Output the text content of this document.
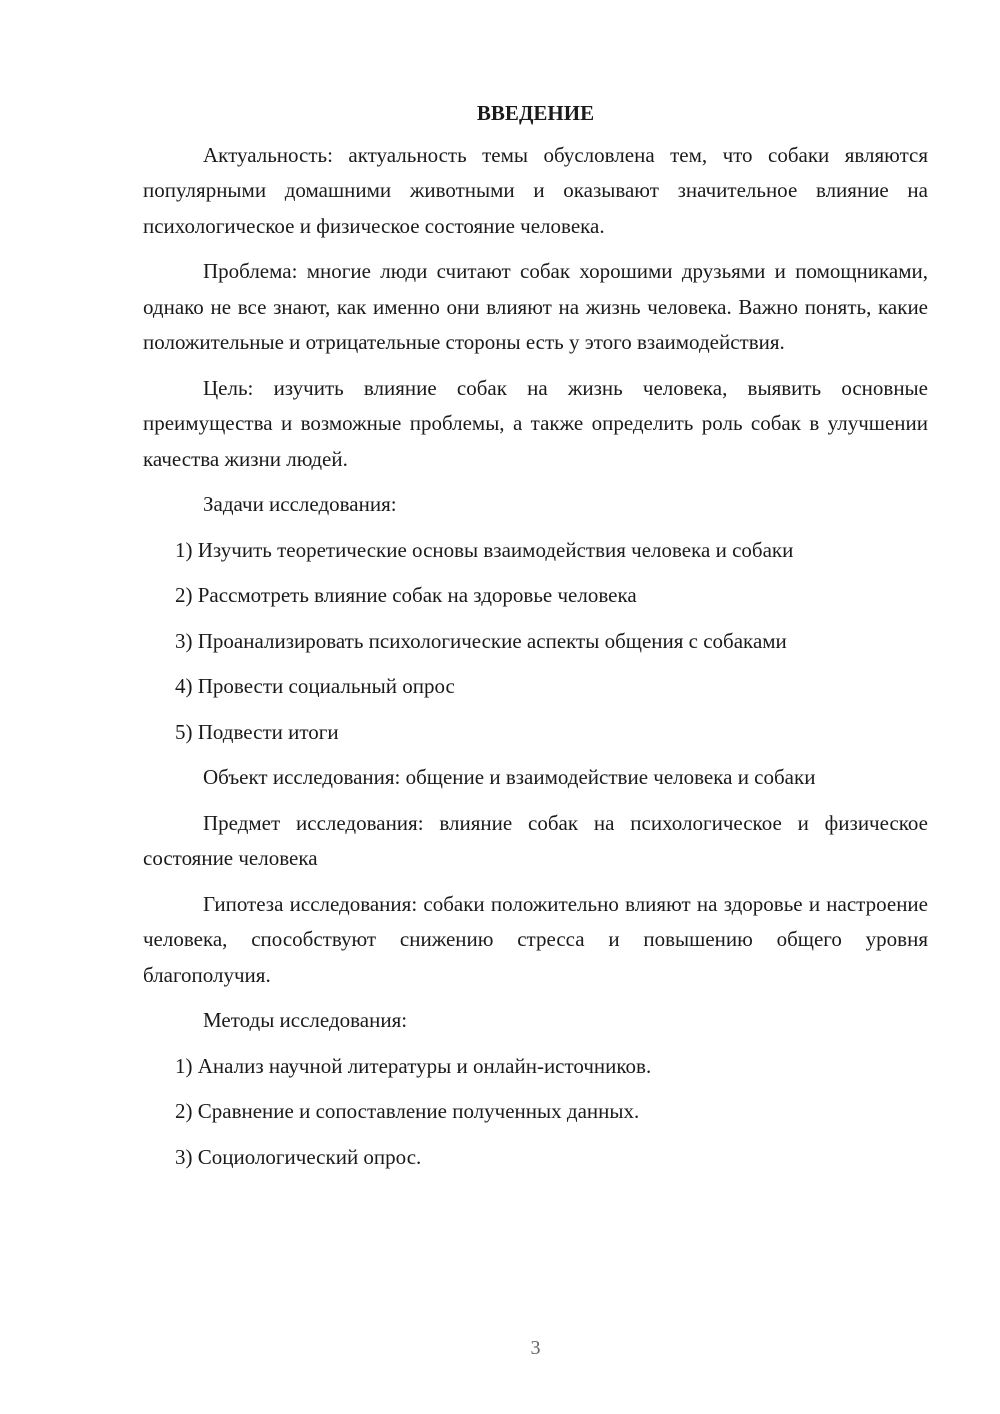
ВВЕДЕНИЕ

Актуальность: актуальность темы обусловлена тем, что собаки являются популярными домашними животными и оказывают значительное влияние на психологическое и физическое состояние человека.

Проблема: многие люди считают собак хорошими друзьями и помощниками, однако не все знают, как именно они влияют на жизнь человека. Важно понять, какие положительные и отрицательные стороны есть у этого взаимодействия.

Цель: изучить влияние собак на жизнь человека, выявить основные преимущества и возможные проблемы, а также определить роль собак в улучшении качества жизни людей.

Задачи исследования:
1) Изучить теоретические основы взаимодействия человека и собаки
2) Рассмотреть влияние собак на здоровье человека
3) Проанализировать психологические аспекты общения с собаками
4) Провести социальный опрос
5) Подвести итоги

Объект исследования: общение и взаимодействие человека и собаки

Предмет исследования: влияние собак на психологическое и физическое состояние человека

Гипотеза исследования: собаки положительно влияют на здоровье и настроение человека, способствуют снижению стресса и повышению общего уровня благополучия.

Методы исследования:
1) Анализ научной литературы и онлайн-источников.
2) Сравнение и сопоставление полученных данных.
3) Социологический опрос.
3
